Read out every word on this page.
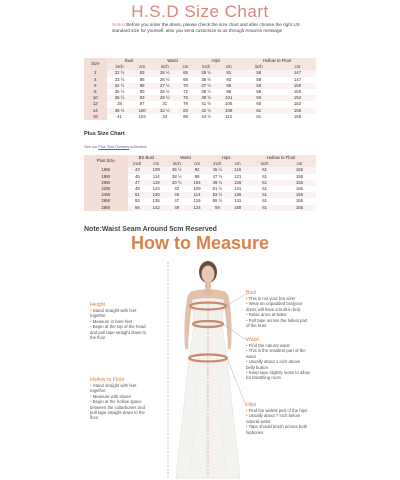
H.S.D Size Chart
Notice:Before you order the dress, please check the size chart and after choose the right US standard size for yourself, also you send customize to us through Amazon message
Size	Bust		Waist		Hips		Hollow to Floor	
	inch	cm	inch	cm	inch	cm	inch	cm
2	32 ½	83	25 ½	65	35 ½	91	58	147
4	33 ½	85	26 ½	68	36 ½	93	58	147
6	34 ½	88	27 ½	70	37 ½	96	59	150
8	35 ½	90	28 ½	72	38 ½	98	59	150
10	36 ½	93	29 ½	75	39 ½	101	60	152
12	38	97	31	79	41 ½	105	60	152
14	39 ½	100	32 ½	83	42 ½	108	61	155
16	41	104	34	86	44 ½	112	61	155
Plus Size Chart
See our Plus Size Dresses collection!
Plus Size	BS Bust		Waist		Hips		Hollow to Floor	
	inch	cm	inch	cm	inch	cm	inch	cm
16W	43	109	36 ½	92	45 ½	116	61	155
18W	45	114	38 ½	98	47 ½	121	61	155
20W	47	119	40 ½	104	49 ½	126	61	155
22W	49	124	43	109	51 ½	131	61	155
24W	51	130	45	114	53 ½	136	61	155
26W	53	135	47	119	55 ½	141	61	155
28W	56	142	49	124	59	150	61	155
Note:Waist Seam Around 5cm Reserved
How to Measure
Height
• Stand straight with feet together
• Measure in bare feet
• Begin at the top of the head and pull tape straight down to the floor
Hollow to Floor
• Stand straight with feet together
• Measure with shoes
• Begin at the hollow space between the collarbones and pull tape straight down to the floor
Bust
• This is not your bra size!
• Wear an unpadded bra(your dress will have a built-in bra)
• Relax arms at sides
• Pull tape across the fullest part of the bust
Waist
• Find the natural waist
• This is the smallest part of the waist
• Usually about 1 inch above belly button
• Keep tape slightly loose to allow for breathing room
Hips
• Find the widest part of the hips
• Usually about 7 inch below natural waist
• Tape should brush across both hipbones
